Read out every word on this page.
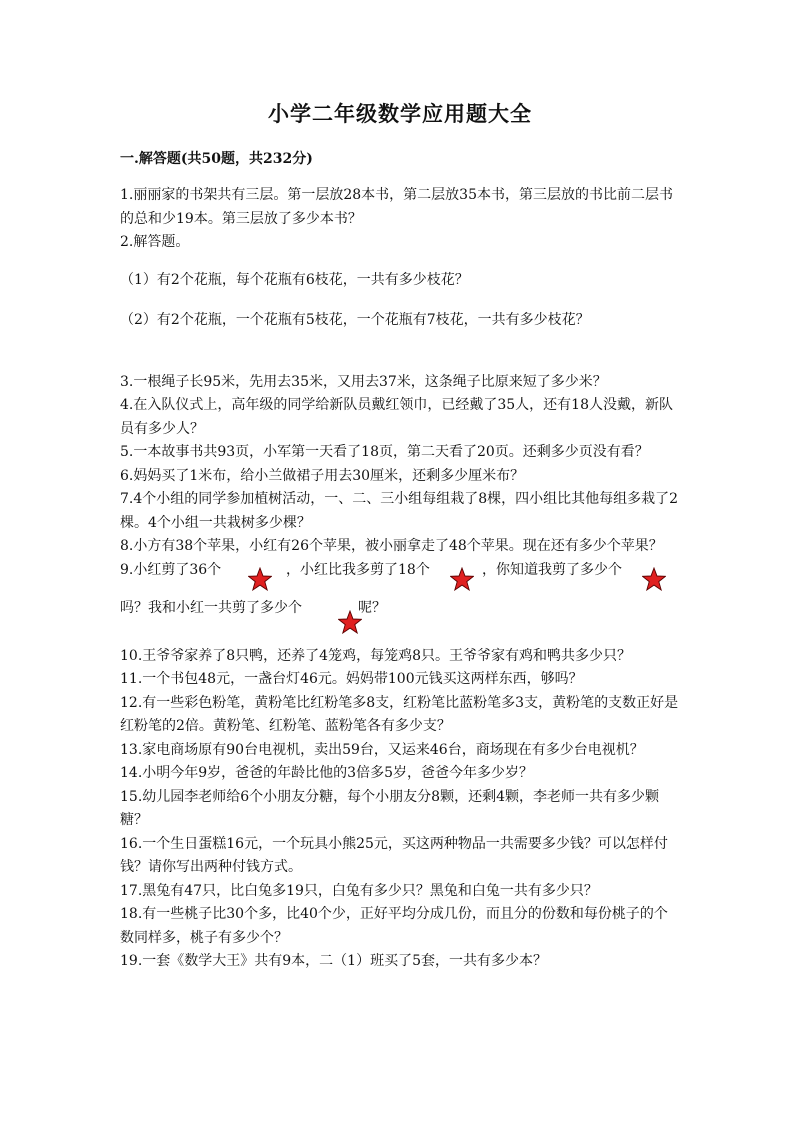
小学二年级数学应用题大全

一.解答题(共50题，共232分)

1.丽丽家的书架共有三层。第一层放28本书，第二层放35本书，第三层放的书比前二层书的总和少19本。第三层放了多少本书？

2.解答题。

（1）有2个花瓶，每个花瓶有6枝花，一共有多少枝花？

（2）有2个花瓶，一个花瓶有5枝花，一个花瓶有7枝花，一共有多少枝花？

3.一根绳子长95米，先用去35米，又用去37米，这条绳子比原来短了多少米？

4.在入队仪式上，高年级的同学给新队员戴红领巾，已经戴了35人，还有18人没戴，新队员有多少人？

5.一本故事书共93页，小军第一天看了18页，第二天看了20页。还剩多少页没有看？

6.妈妈买了1米布，给小兰做裙子用去30厘米，还剩多少厘米布？

7.4个小组的同学参加植树活动，一、二、三小组每组栽了8棵，四小组比其他每组多栽了2棵。4个小组一共栽树多少棵？

8.小方有38个苹果，小红有26个苹果，被小丽拿走了48个苹果。现在还有多少个苹果？

9.小红剪了36个	，小红比我多剪了18个	，你知道我剪了多少个
吗？我和小红一共剪了多少个	呢？

10.王爷爷家养了8只鸭，还养了4笼鸡，每笼鸡8只。王爷爷家有鸡和鸭共多少只？

11.一个书包48元，一盏台灯46元。妈妈带100元钱买这两样东西，够吗？

12.有一些彩色粉笔，黄粉笔比红粉笔多8支，红粉笔比蓝粉笔多3支，黄粉笔的支数正好是红粉笔的2倍。黄粉笔、红粉笔、蓝粉笔各有多少支？

13.家电商场原有90台电视机，卖出59台，又运来46台，商场现在有多少台电视机？

14.小明今年9岁，爸爸的年龄比他的3倍多5岁，爸爸今年多少岁？

15.幼儿园李老师给6个小朋友分糖，每个小朋友分8颗，还剩4颗，李老师一共有多少颗糖？

16.一个生日蛋糕16元，一个玩具小熊25元，买这两种物品一共需要多少钱？可以怎样付钱？请你写出两种付钱方式。

17.黑兔有47只，比白兔多19只，白兔有多少只？黑兔和白兔一共有多少只？

18.有一些桃子比30个多，比40个少，正好平均分成几份，而且分的份数和每份桃子的个数同样多，桃子有多少个？

19.一套《数学大王》共有9本，二（1）班买了5套，一共有多少本？
